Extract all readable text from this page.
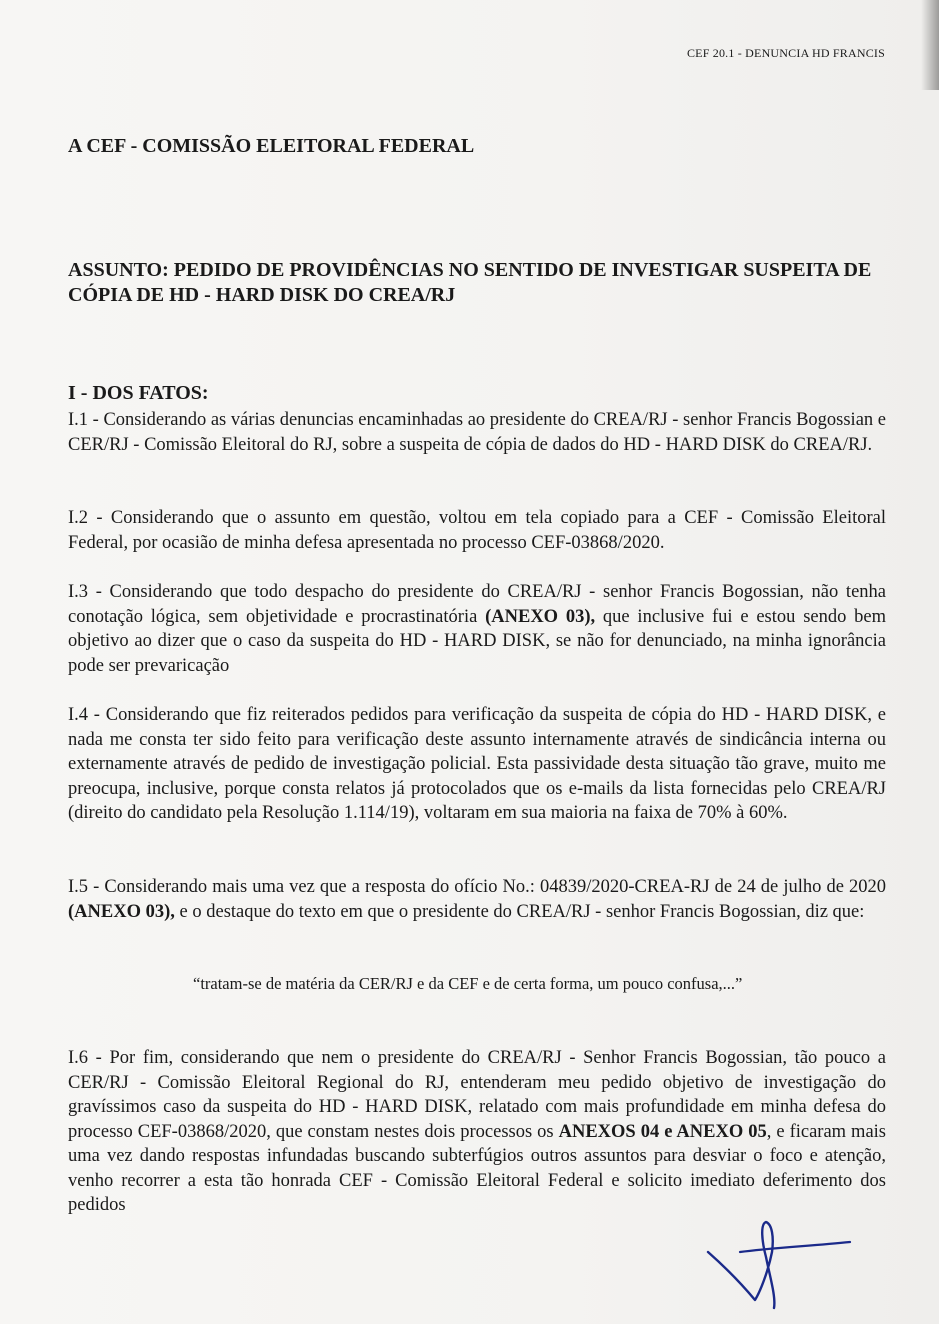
CEF 20.1 - DENUNCIA HD FRANCIS
A CEF - COMISSÃO ELEITORAL FEDERAL
ASSUNTO: PEDIDO DE PROVIDÊNCIAS NO SENTIDO DE INVESTIGAR SUSPEITA DE CÓPIA DE HD - HARD DISK DO CREA/RJ
I - DOS FATOS:
I.1 - Considerando as várias denuncias encaminhadas ao presidente do CREA/RJ - senhor Francis Bogossian e CER/RJ - Comissão Eleitoral do RJ, sobre a suspeita de cópia de dados do HD - HARD DISK do CREA/RJ.
I.2 - Considerando que o assunto em questão, voltou em tela copiado para a CEF - Comissão Eleitoral Federal, por ocasião de minha defesa apresentada no processo CEF-03868/2020.
I.3 - Considerando que todo despacho do presidente do CREA/RJ - senhor Francis Bogossian, não tenha conotação lógica, sem objetividade e procrastinatória (ANEXO 03), que inclusive fui e estou sendo bem objetivo ao dizer que o caso da suspeita do HD - HARD DISK, se não for denunciado, na minha ignorância pode ser prevaricação
I.4 - Considerando que fiz reiterados pedidos para verificação da suspeita de cópia do HD - HARD DISK, e nada me consta ter sido feito para verificação deste assunto internamente através de sindicância interna ou externamente através de pedido de investigação policial. Esta passividade desta situação tão grave, muito me preocupa, inclusive, porque consta relatos já protocolados que os e-mails da lista fornecidas pelo CREA/RJ (direito do candidato pela Resolução 1.114/19), voltaram em sua maioria na faixa de 70% à 60%.
I.5 - Considerando mais uma vez que a resposta do ofício No.: 04839/2020-CREA-RJ de 24 de julho de 2020 (ANEXO 03), e o destaque do texto em que o presidente do CREA/RJ - senhor Francis Bogossian, diz que:
“tratam-se de matéria da CER/RJ e da CEF e de certa forma, um pouco confusa,...”
I.6 - Por fim, considerando que nem o presidente do CREA/RJ - Senhor Francis Bogossian, tão pouco a CER/RJ - Comissão Eleitoral Regional do RJ, entenderam meu pedido objetivo de investigação do gravíssimos caso da suspeita do HD - HARD DISK, relatado com mais profundidade em minha defesa do processo CEF-03868/2020, que constam nestes dois processos os ANEXOS 04 e ANEXO 05, e ficaram mais uma vez dando respostas infundadas buscando subterfúgios outros assuntos para desviar o foco e atenção, venho recorrer a esta tão honrada CEF - Comissão Eleitoral Federal e solicito imediato deferimento dos pedidos
